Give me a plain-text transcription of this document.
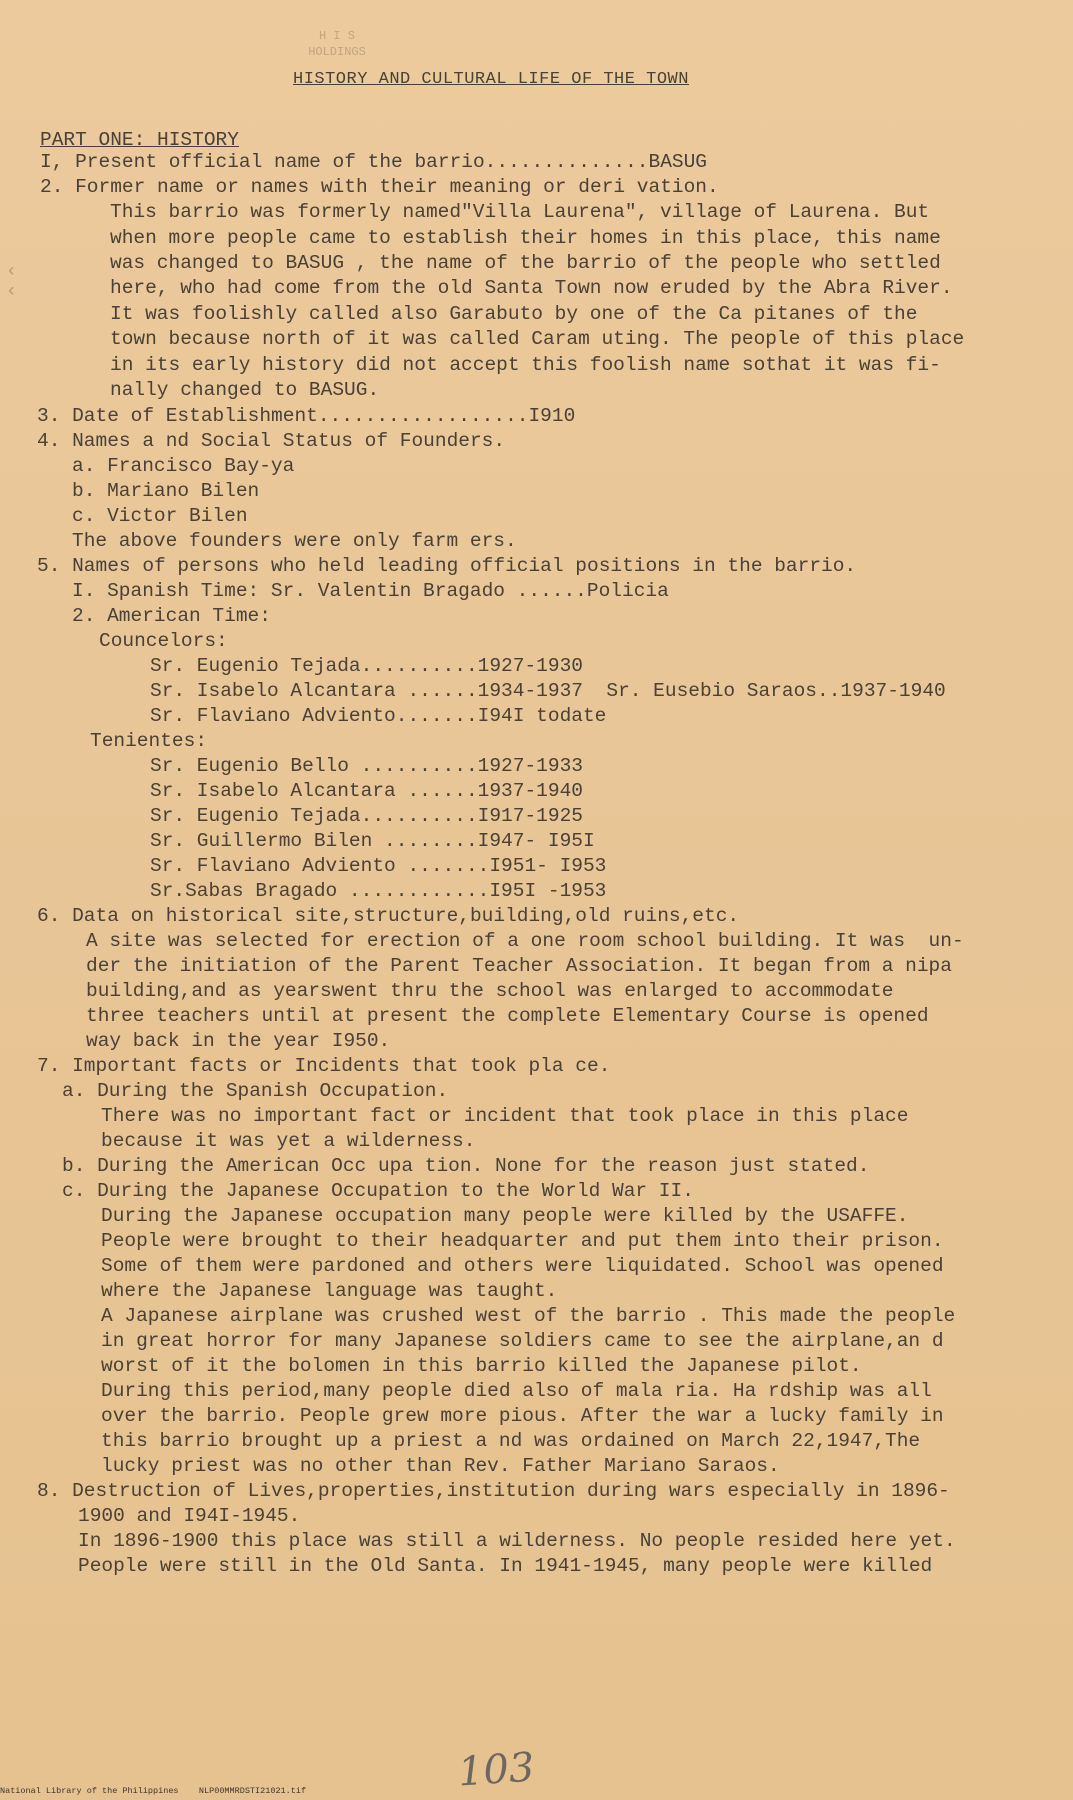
H I S
HOLDINGS
HISTORY AND CULTURAL LIFE OF THE TOWN
PART ONE: HISTORY
I, Present official name of the barrio..............BASUG
2. Former name or names with their meaning or deri vation.
This barrio was formerly named"Villa Laurena", village of Laurena. But
when more people came to establish their homes in this place, this name
was changed to BASUG , the name of the barrio of the people who settled
here, who had come from the old Santa Town now eruded by the Abra River.
It was foolishly called also Garabuto by one of the Ca pitanes of the
town because north of it was called Caram uting. The people of this place
in its early history did not accept this foolish name sothat it was fi-
nally changed to BASUG.
3. Date of Establishment..................I910
4. Names a nd Social Status of Founders.
a. Francisco Bay-ya
b. Mariano Bilen
c. Victor Bilen
The above founders were only farm ers.
5. Names of persons who held leading official positions in the barrio.
I. Spanish Time: Sr. Valentin Bragado ......Policia
2. American Time:
Councelors:
Sr. Eugenio Tejada..........1927-1930
Sr. Isabelo Alcantara ......1934-1937  Sr. Eusebio Saraos..1937-1940
Sr. Flaviano Adviento.......I94I todate
Tenientes:
Sr. Eugenio Bello ..........1927-1933
Sr. Isabelo Alcantara ......1937-1940
Sr. Eugenio Tejada..........I917-1925
Sr. Guillermo Bilen ........I947- I95I
Sr. Flaviano Adviento .......I951- I953
Sr.Sabas Bragado ............I95I -1953
6. Data on historical site,structure,building,old ruins,etc.
A site was selected for erection of a one room school building. It was  un-
der the initiation of the Parent Teacher Association. It began from a nipa
building,and as yearswent thru the school was enlarged to accommodate
three teachers until at present the complete Elementary Course is opened
way back in the year I950.
7. Important facts or Incidents that took pla ce.
a. During the Spanish Occupation.
There was no important fact or incident that took place in this place
because it was yet a wilderness.
b. During the American Occ upa tion. None for the reason just stated.
c. During the Japanese Occupation to the World War II.
During the Japanese occupation many people were killed by the USAFFE.
People were brought to their headquarter and put them into their prison.
Some of them were pardoned and others were liquidated. School was opened
where the Japanese language was taught.
A Japanese airplane was crushed west of the barrio . This made the people
in great horror for many Japanese soldiers came to see the airplane,an d
worst of it the bolomen in this barrio killed the Japanese pilot.
During this period,many people died also of mala ria. Ha rdship was all
over the barrio. People grew more pious. After the war a lucky family in
this barrio brought up a priest a nd was ordained on March 22,1947,The
lucky priest was no other than Rev. Father Mariano Saraos.
8. Destruction of Lives,properties,institution during wars especially in 1896-
1900 and I94I-1945.
In 1896-1900 this place was still a wilderness. No people resided here yet.
People were still in the Old Santa. In 1941-1945, many people were killed
‹
‹
103
National Library of the Philippines    NLP00MMRDSTI21021.tif
